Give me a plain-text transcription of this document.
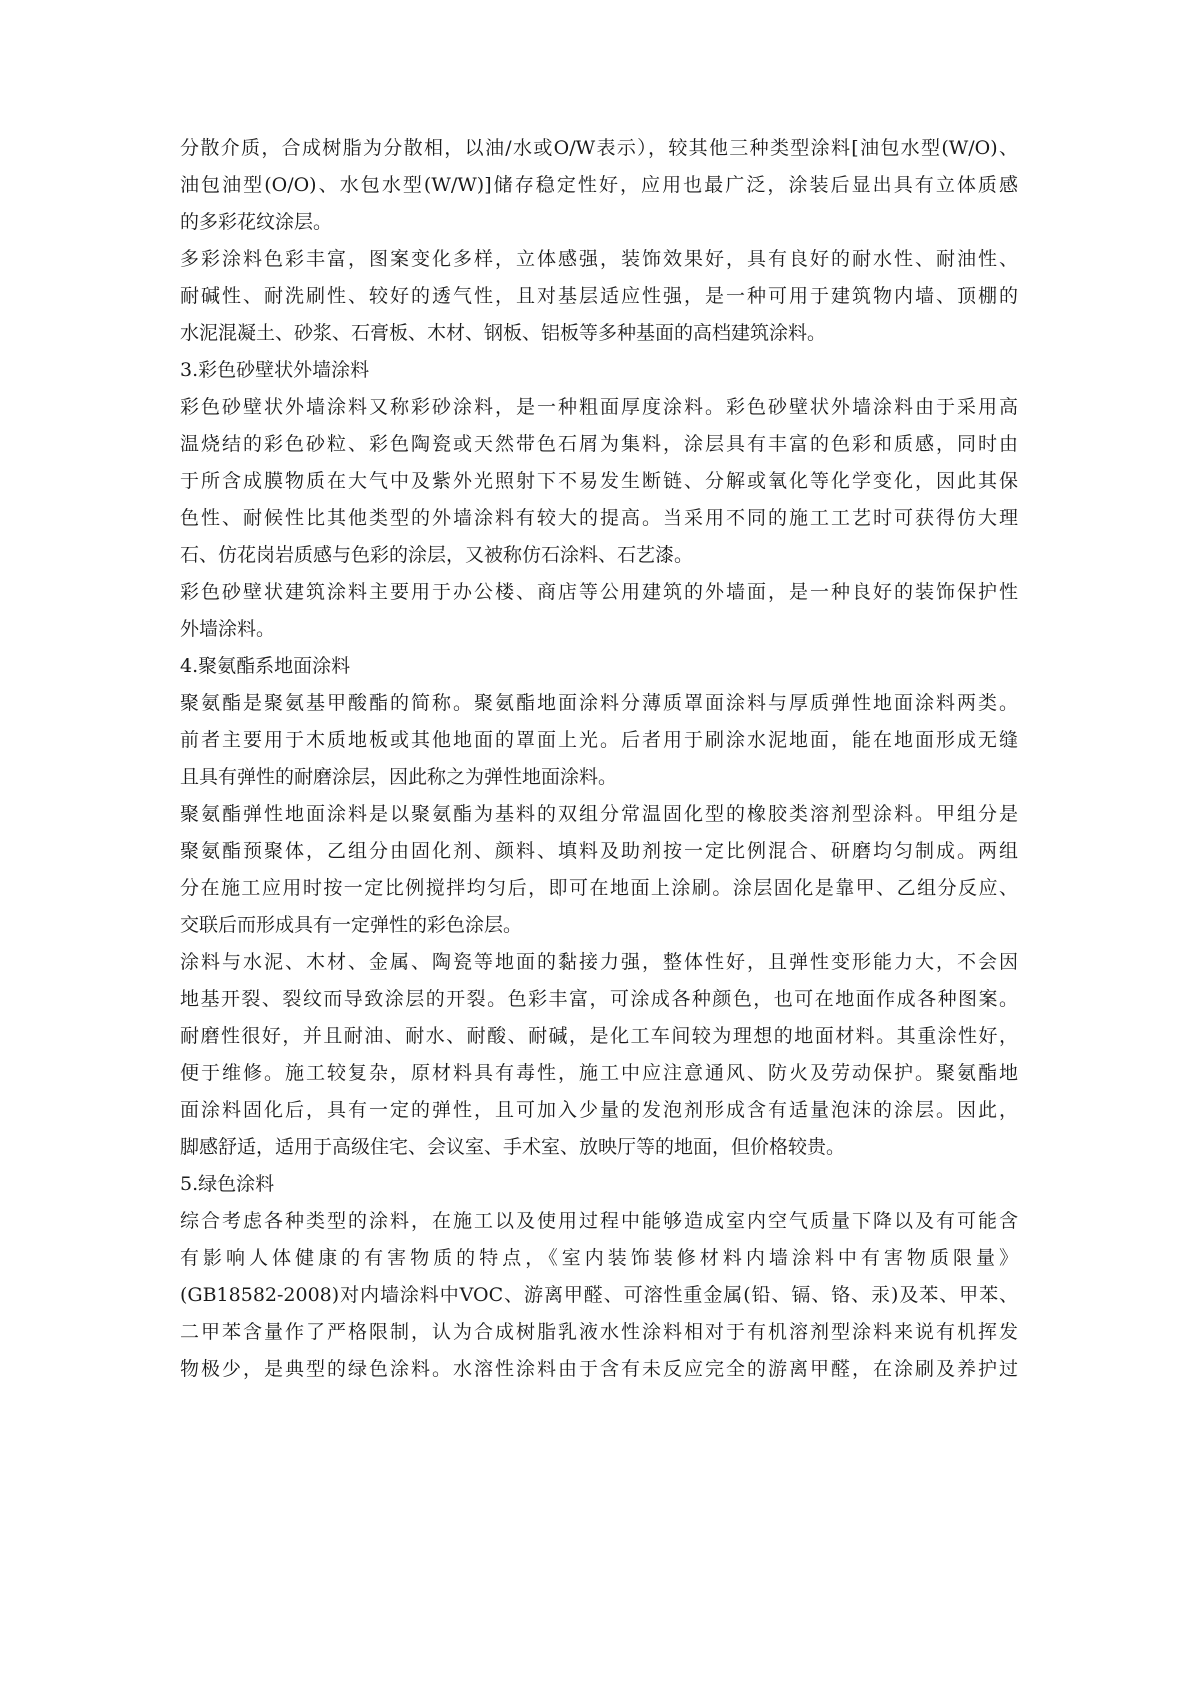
分散介质，合成树脂为分散相，以油/水或O/W表示），较其他三种类型涂料[油包水型(W/O)、
油包油型(O/O)、水包水型(W/W)]储存稳定性好，应用也最广泛，涂装后显出具有立体质感
的多彩花纹涂层。
多彩涂料色彩丰富，图案变化多样，立体感强，装饰效果好，具有良好的耐水性、耐油性、
耐碱性、耐洗刷性、较好的透气性，且对基层适应性强，是一种可用于建筑物内墙、顶棚的
水泥混凝土、砂浆、石膏板、木材、钢板、铝板等多种基面的高档建筑涂料。
3.彩色砂壁状外墙涂料
彩色砂壁状外墙涂料又称彩砂涂料，是一种粗面厚度涂料。彩色砂壁状外墙涂料由于采用高
温烧结的彩色砂粒、彩色陶瓷或天然带色石屑为集料，涂层具有丰富的色彩和质感，同时由
于所含成膜物质在大气中及紫外光照射下不易发生断链、分解或氧化等化学变化，因此其保
色性、耐候性比其他类型的外墙涂料有较大的提高。当采用不同的施工工艺时可获得仿大理
石、仿花岗岩质感与色彩的涂层，又被称仿石涂料、石艺漆。
彩色砂壁状建筑涂料主要用于办公楼、商店等公用建筑的外墙面，是一种良好的装饰保护性
外墙涂料。
4.聚氨酯系地面涂料
聚氨酯是聚氨基甲酸酯的简称。聚氨酯地面涂料分薄质罩面涂料与厚质弹性地面涂料两类。
前者主要用于木质地板或其他地面的罩面上光。后者用于刷涂水泥地面，能在地面形成无缝
且具有弹性的耐磨涂层，因此称之为弹性地面涂料。
聚氨酯弹性地面涂料是以聚氨酯为基料的双组分常温固化型的橡胶类溶剂型涂料。甲组分是
聚氨酯预聚体，乙组分由固化剂、颜料、填料及助剂按一定比例混合、研磨均匀制成。两组
分在施工应用时按一定比例搅拌均匀后，即可在地面上涂刷。涂层固化是靠甲、乙组分反应、
交联后而形成具有一定弹性的彩色涂层。
涂料与水泥、木材、金属、陶瓷等地面的黏接力强，整体性好，且弹性变形能力大，不会因
地基开裂、裂纹而导致涂层的开裂。色彩丰富，可涂成各种颜色，也可在地面作成各种图案。
耐磨性很好，并且耐油、耐水、耐酸、耐碱，是化工车间较为理想的地面材料。其重涂性好，
便于维修。施工较复杂，原材料具有毒性，施工中应注意通风、防火及劳动保护。聚氨酯地
面涂料固化后，具有一定的弹性，且可加入少量的发泡剂形成含有适量泡沫的涂层。因此，
脚感舒适，适用于高级住宅、会议室、手术室、放映厅等的地面，但价格较贵。
5.绿色涂料
综合考虑各种类型的涂料，在施工以及使用过程中能够造成室内空气质量下降以及有可能含
有影响人体健康的有害物质的特点，《室内装饰装修材料内墙涂料中有害物质限量》
(GB18582-2008)对内墙涂料中VOC、游离甲醛、可溶性重金属(铅、镉、铬、汞)及苯、甲苯、
二甲苯含量作了严格限制，认为合成树脂乳液水性涂料相对于有机溶剂型涂料来说有机挥发
物极少，是典型的绿色涂料。水溶性涂料由于含有未反应完全的游离甲醛，在涂刷及养护过
